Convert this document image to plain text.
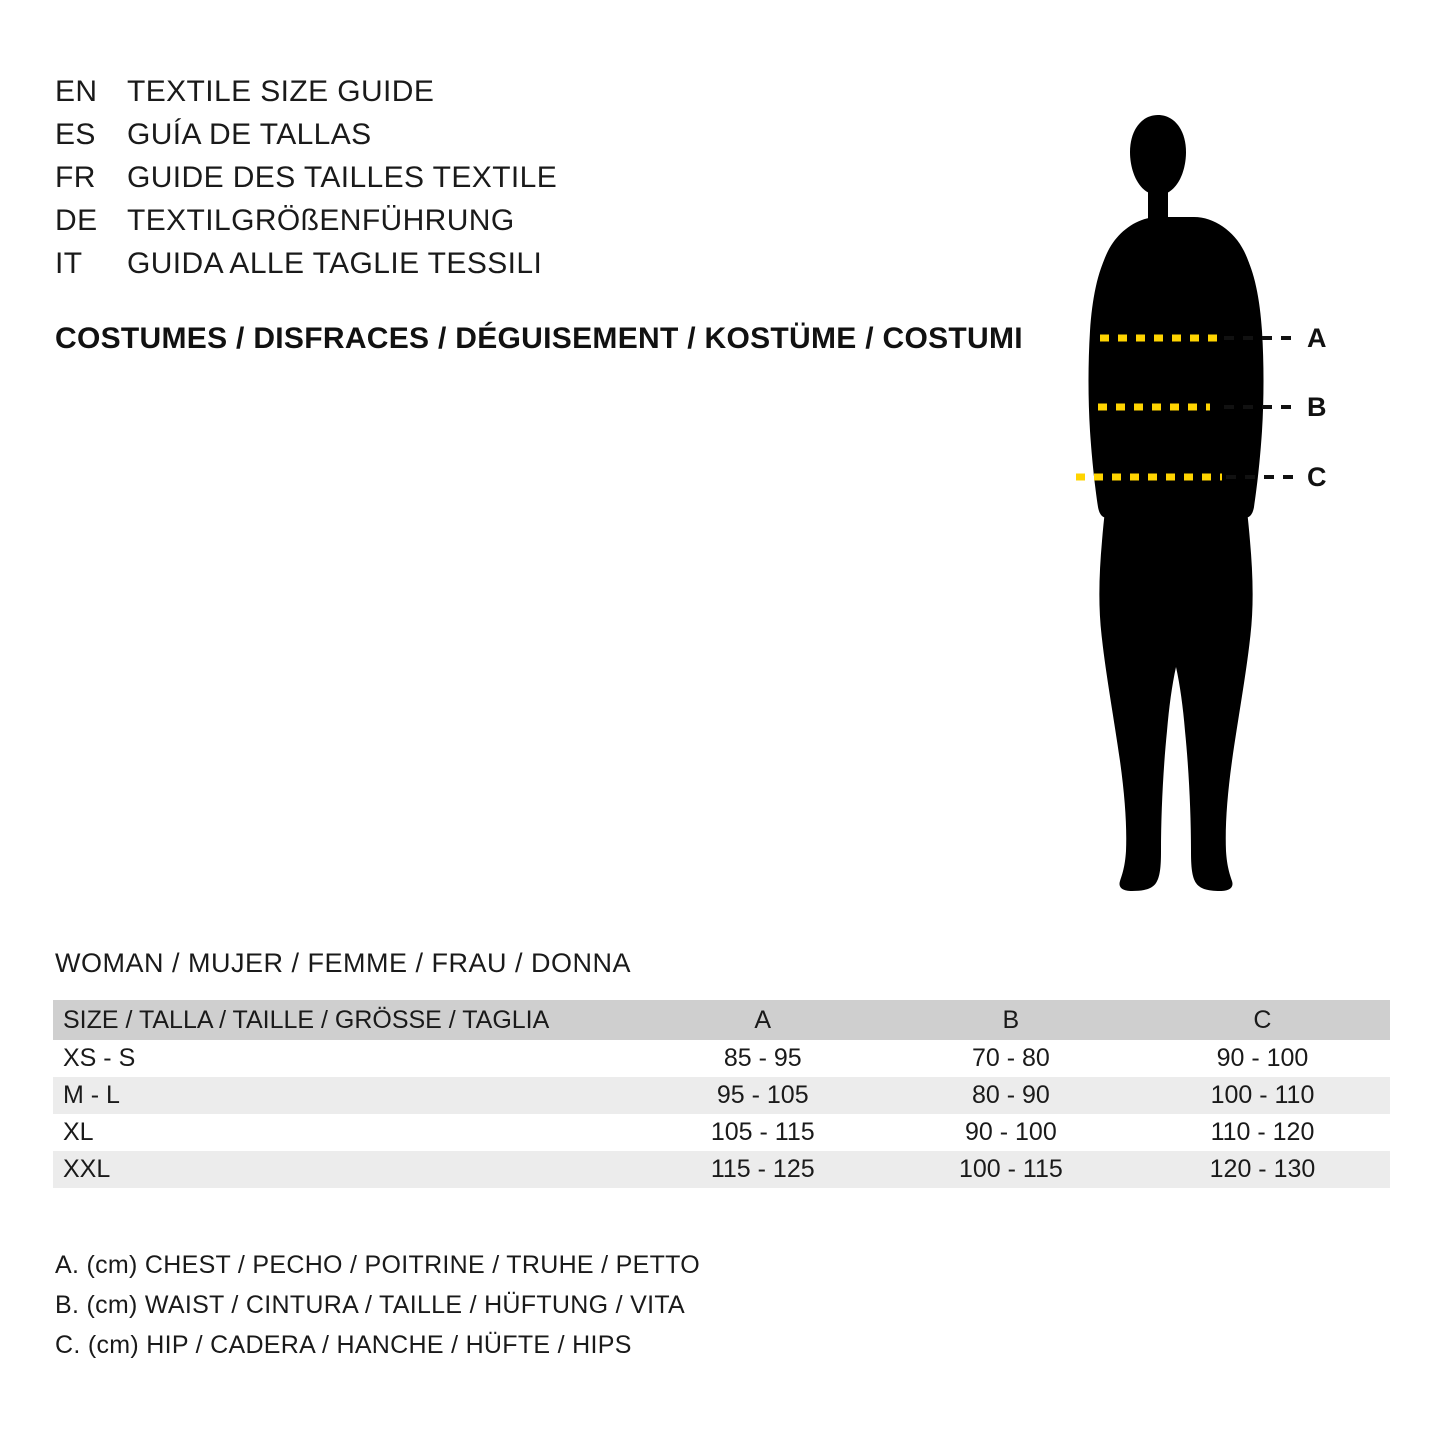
EN TEXTILE SIZE GUIDE
ES	GUÍA DE TALLAS
FR	GUIDE DES TAILLES TEXTILE
DE TEXTILGRÖßENFÜHRUNG
IT	GUIDA ALLE TAGLIE TESSILI
COSTUMES / DISFRACES / DÉGUISEMENT / KOSTÜME / COSTUMI	A
B
C
WOMAN / MUJER / FEMME / FRAU / DONNA
SIZE / TALLA / TAILLE / GRÖSSE / TAGLIA	A	B	C
XS - S	85 - 95	70 - 80	90 - 100
M - L	95 - 105	80 - 90	100 - 110
XL	105 - 115	90 - 100	110 - 120
XXL	115 - 125	100 - 115	120 - 130
A. (cm) CHEST / PECHO / POITRINE / TRUHE / PETTO
B. (cm) WAIST / CINTURA / TAILLE / HÜFTUNG / VITA
C. (cm) HIP / CADERA / HANCHE / HÜFTE / HIPS
